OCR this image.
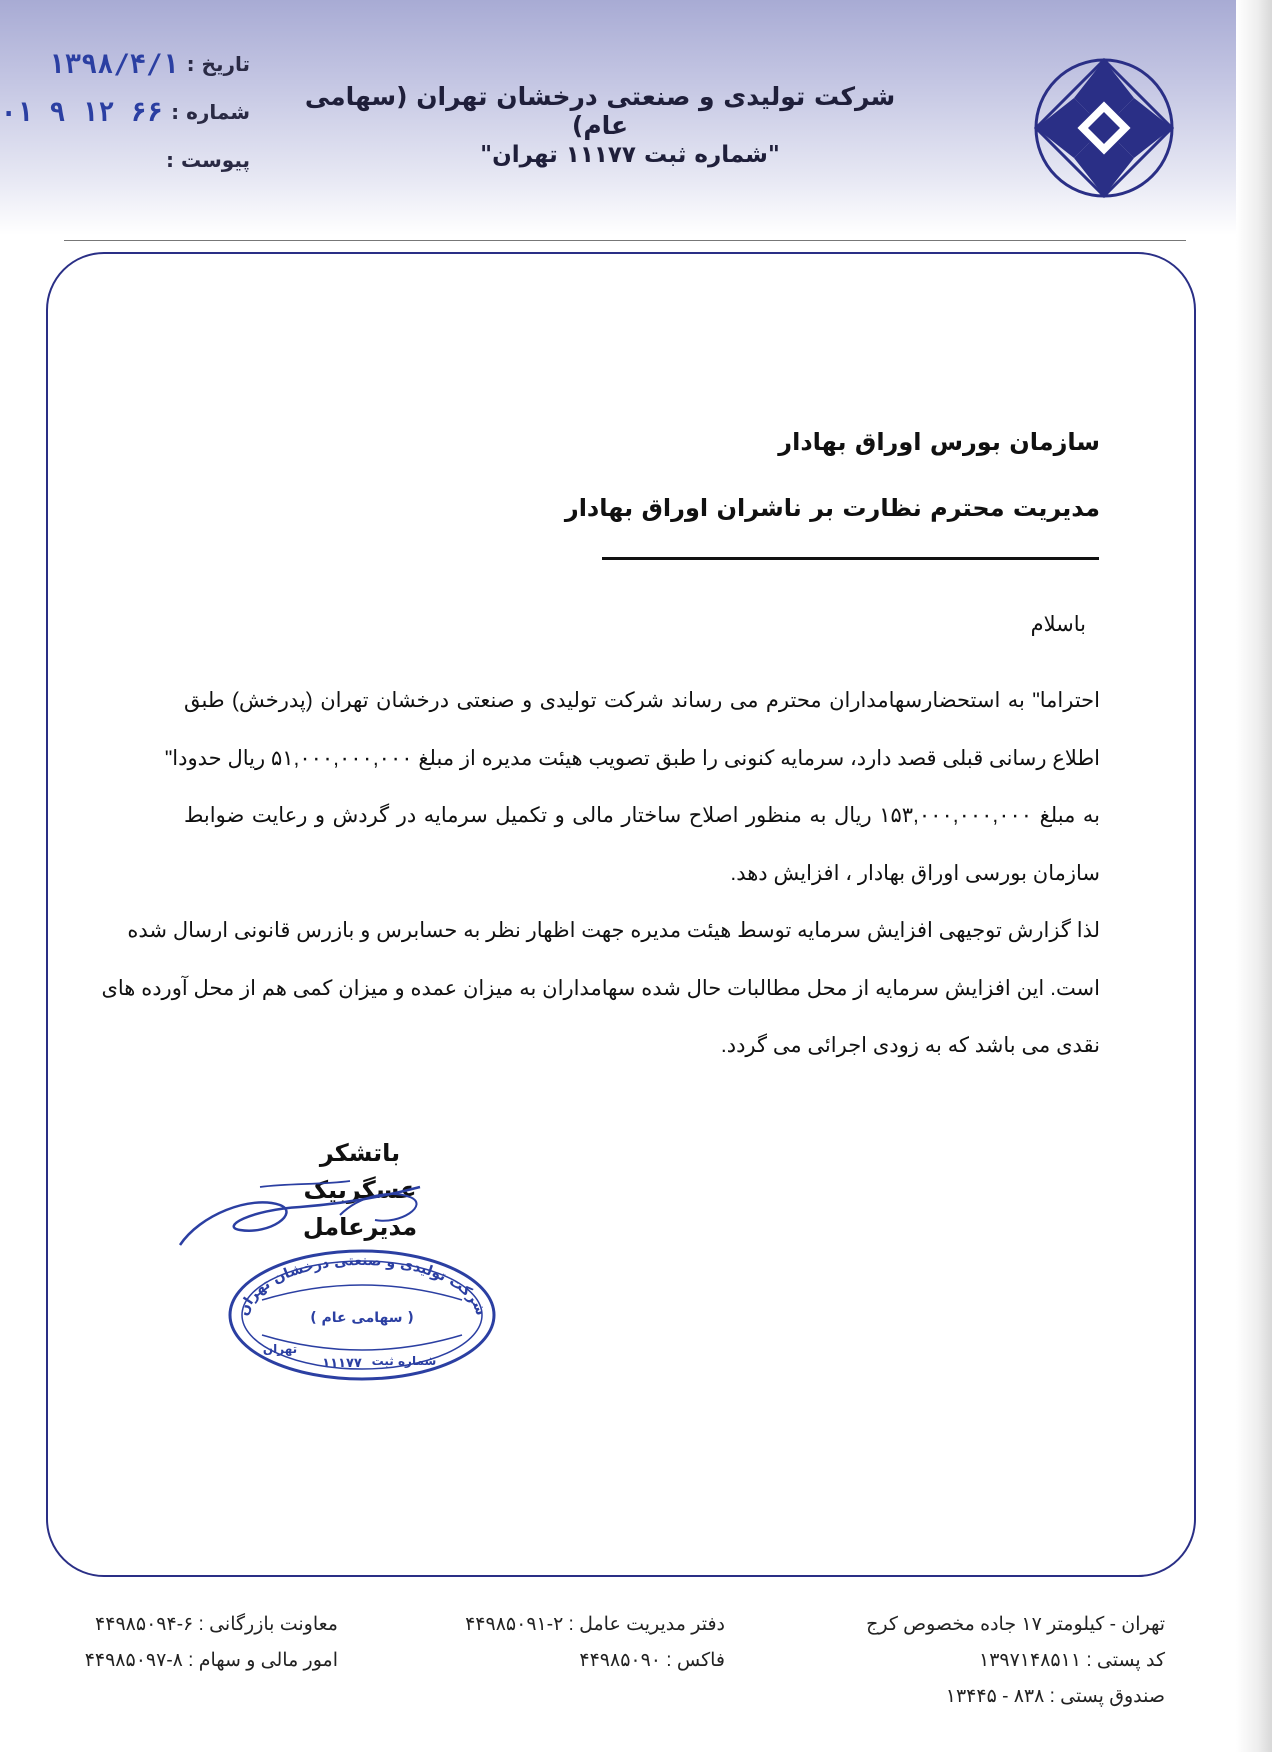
شرکت تولیدی و صنعتی درخشان تهران (سهامی عام)
"شماره ثبت ۱۱۱۷۷ تهران"
تاریخ :
۱۳۹۸/۴/۱
شماره :
۶۶ ۱۲ ۹ ۰۱
پیوست :
سازمان بورس اوراق بهادار
مدیریت محترم نظارت بر ناشران اوراق بهادار
باسلام
احتراما" به استحضارسهامداران محترم می رساند شرکت تولیدی و صنعتی درخشان تهران (پدرخش) طبق
اطلاع رسانی قبلی قصد دارد، سرمایه کنونی را طبق تصویب هیئت مدیره از مبلغ ۵۱,۰۰۰,۰۰۰,۰۰۰ ریال حدودا"
به مبلغ ۱۵۳,۰۰۰,۰۰۰,۰۰۰ ریال به منظور اصلاح ساختار مالی و تکمیل سرمایه در گردش و رعایت ضوابط
سازمان بورسی اوراق بهادار ، افزایش دهد.
لذا گزارش توجیهی افزایش سرمایه توسط هیئت مدیره جهت اظهار نظر به حسابرس و بازرس قانونی ارسال شده
است. این افزایش سرمایه از محل مطالبات حال شده سهامداران به میزان عمده و میزان کمی هم از محل آورده های
نقدی می باشد که به زودی اجرائی می گردد.
باتشکر
عسگربیک
مدیرعامل
شرکت تولیدی و صنعتی درخشان تهران
( سهامی عام )
شماره ثبت
۱۱۱۷۷
تهران
تهران - کیلومتر ۱۷ جاده مخصوص کرج
کد پستی : ۱۳۹۷۱۴۸۵۱۱
صندوق پستی : ۸۳۸ - ۱۳۴۴۵
دفتر مدیریت عامل : ۲-۴۴۹۸۵۰۹۱
فاکس : ۴۴۹۸۵۰۹۰
معاونت بازرگانی : ۶-۴۴۹۸۵۰۹۴
امور مالی و سهام : ۸-۴۴۹۸۵۰۹۷
